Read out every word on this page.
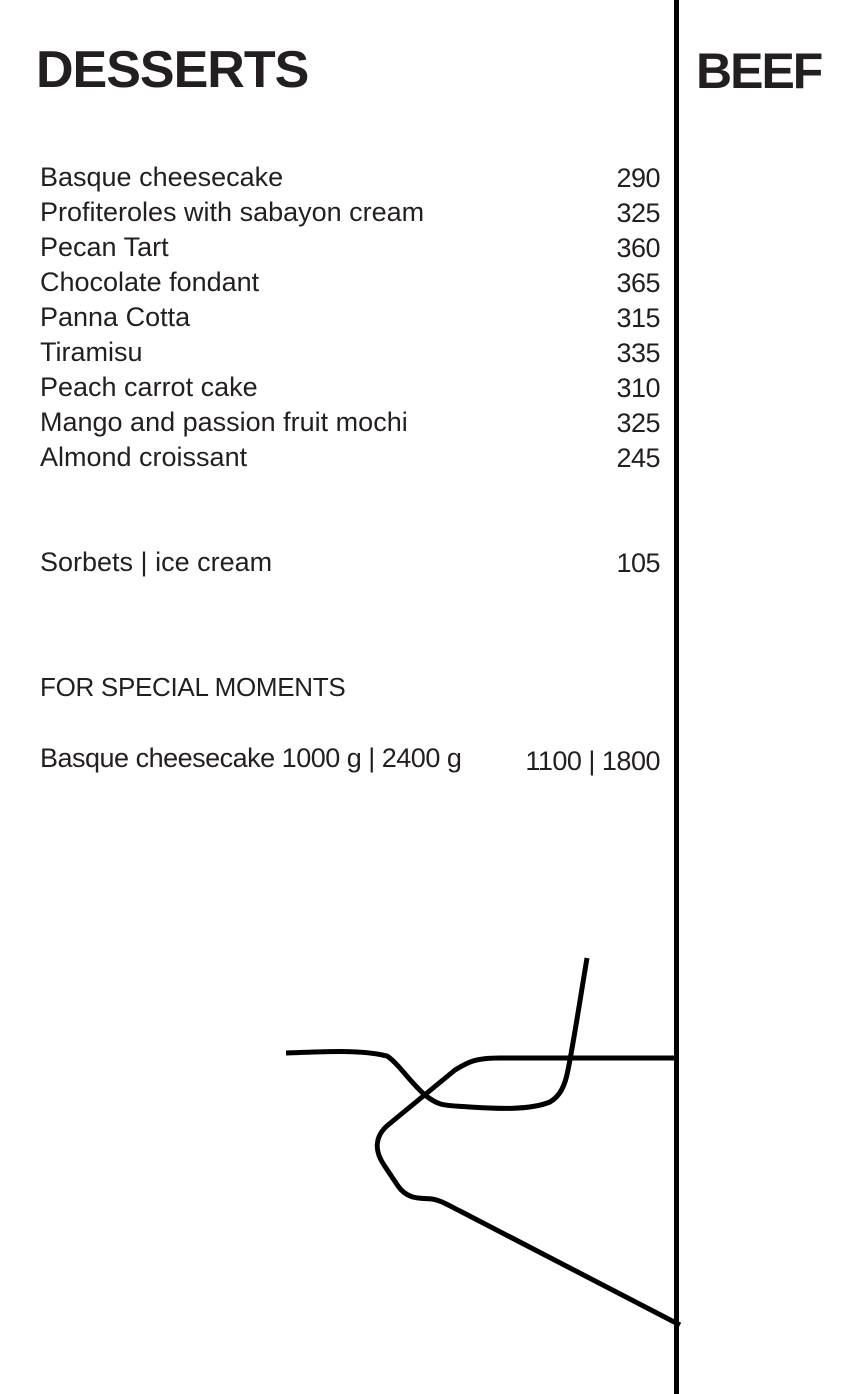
DESSERTS	BEEF
Basque cheesecake	290
Profiteroles with sabayon cream	325
Pecan Tart	360
Chocolate fondant	365
Panna Cotta	315
Tiramisu	335
Peach carrot cake	310
Mango and passion fruit mochi	325
Almond croissant	245
Sorbets | ice cream	105
FOR SPECIAL MOMENTS
Basque cheesecake 1000 g | 2400 g 1100 | 1800
